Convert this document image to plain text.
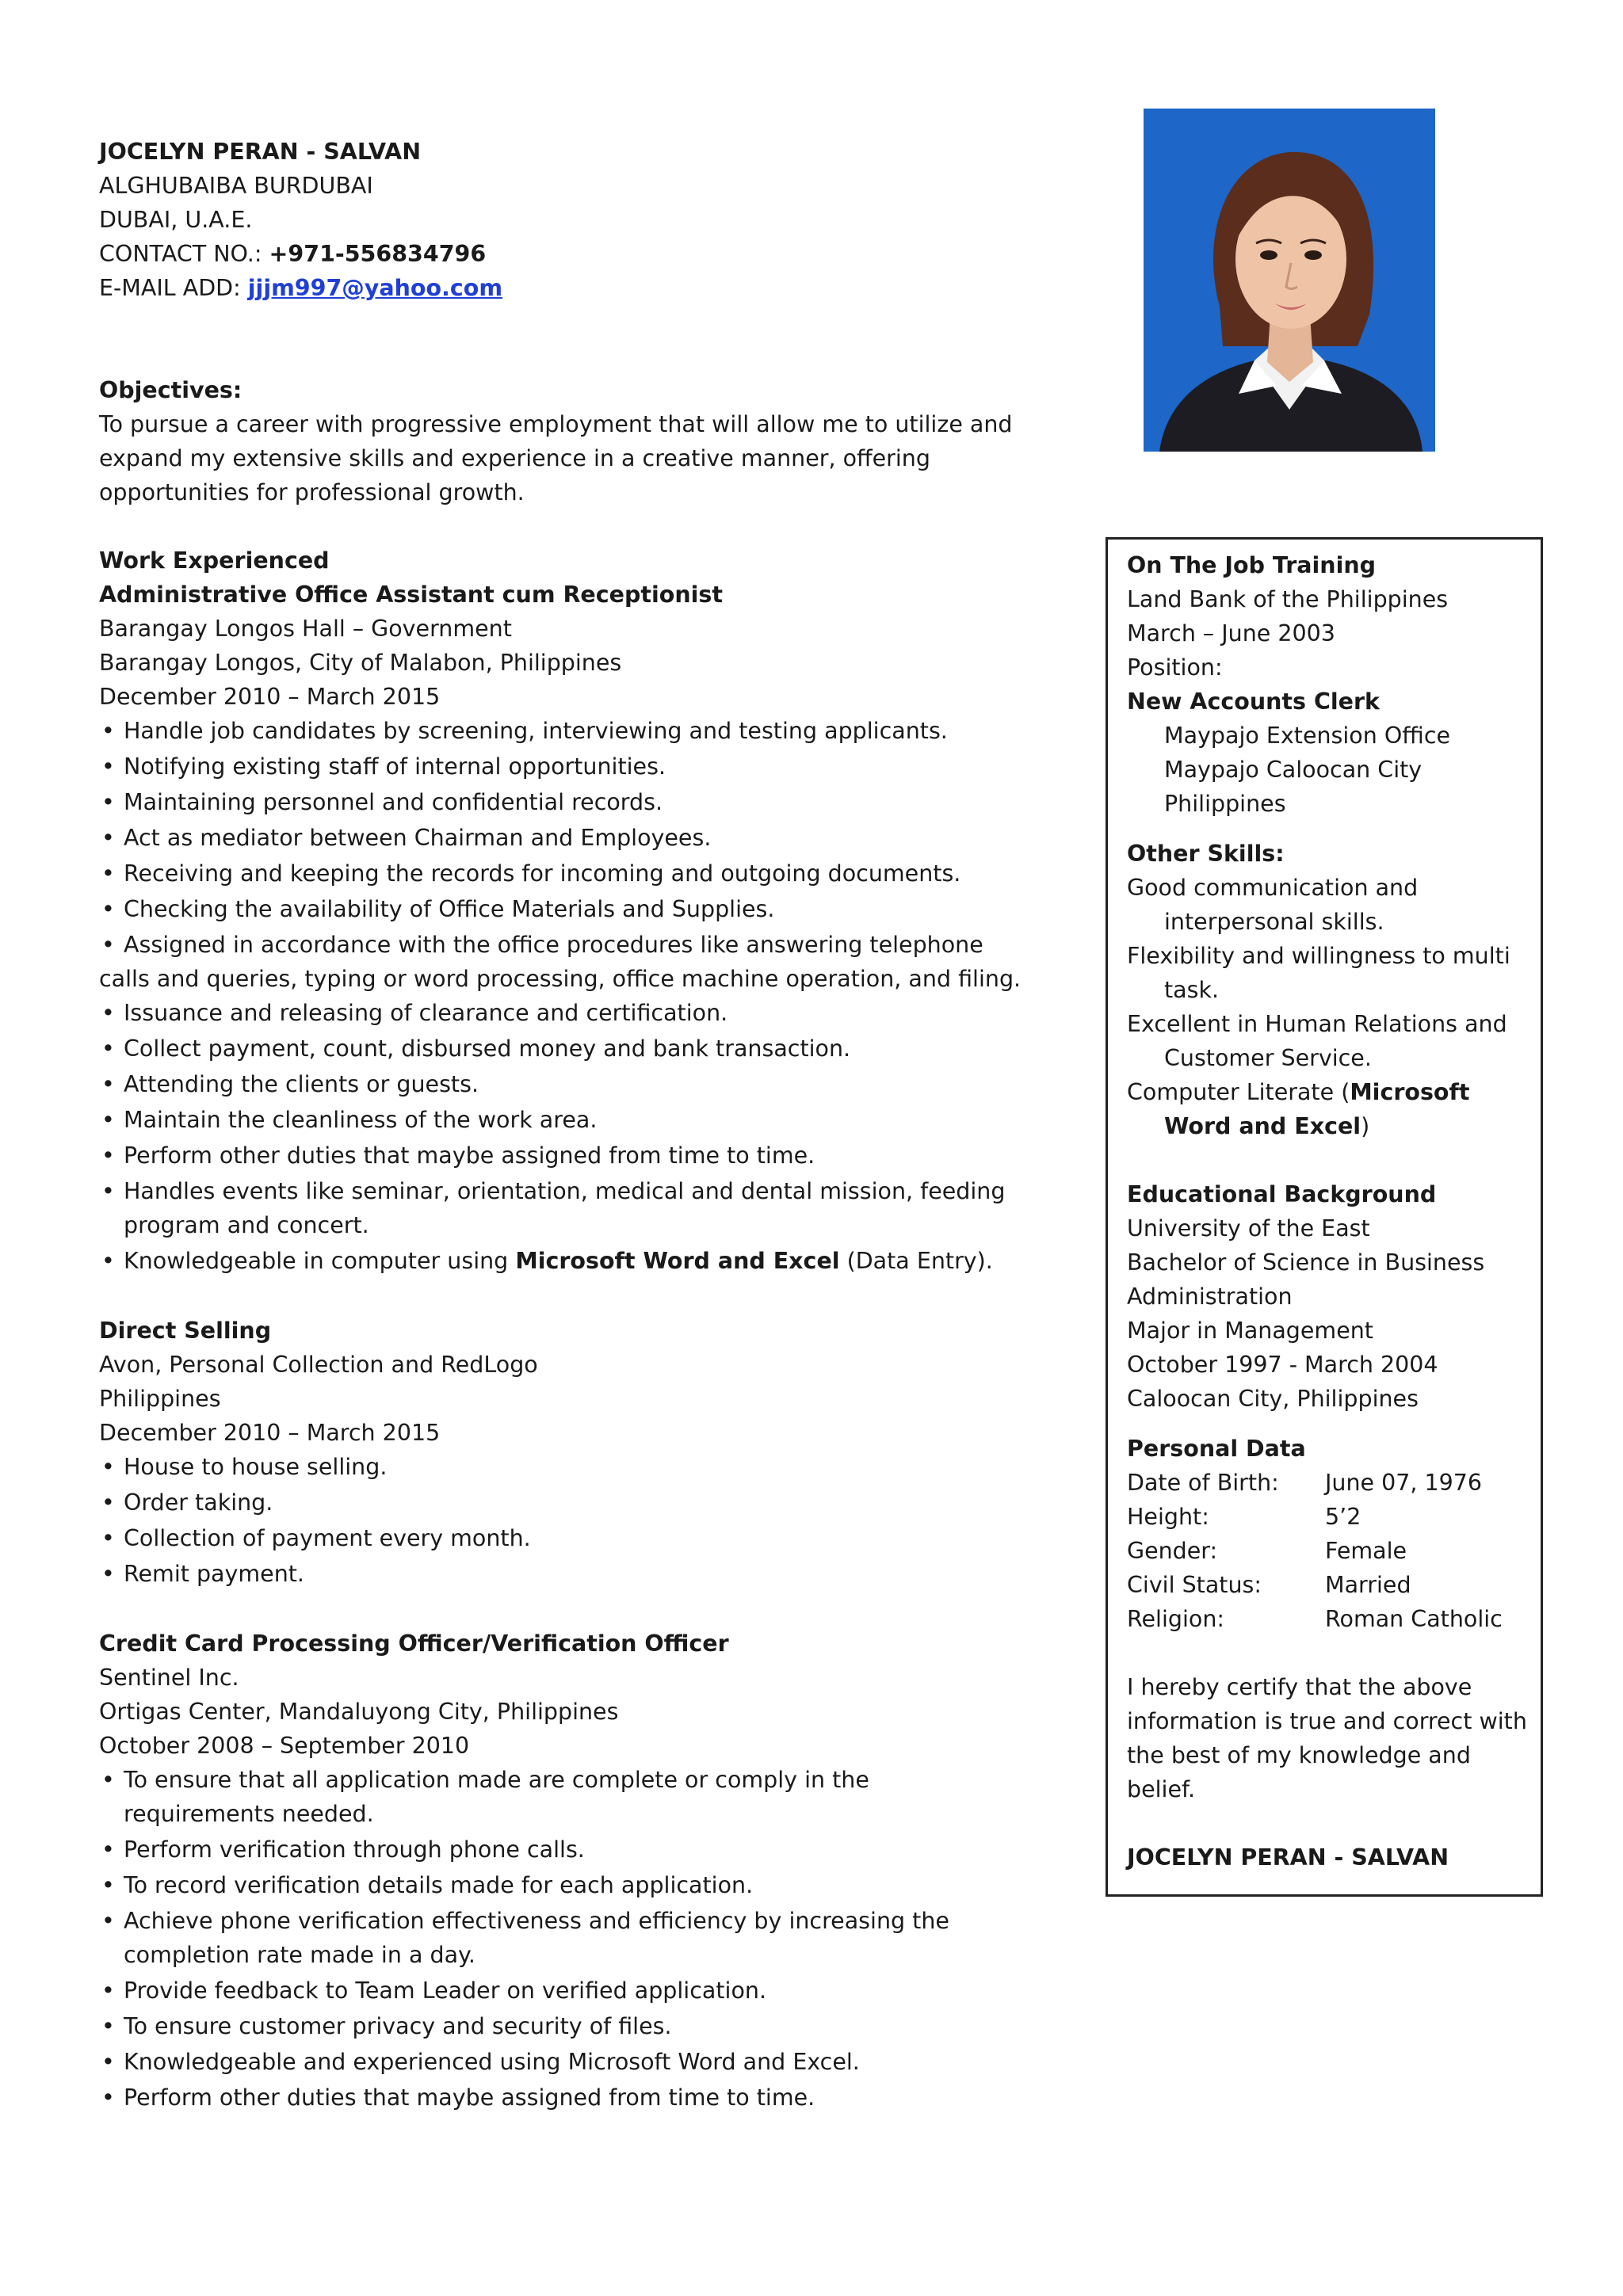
JOCELYN PERAN - SALVAN

ALGHUBAIBA BURDUBAI

DUBAI, U.A.E.

CONTACT NO.: +971-556834796

E-MAIL ADD: jjjm997@yahoo.com

Objectives:

To pursue a career with progressive employment that will allow me to utilize and

expand my extensive skills and experience in a creative manner, offering

opportunities for professional growth.

Work Experienced

Administrative Office Assistant cum Receptionist

Barangay Longos Hall – Government

Barangay Longos, City of Malabon, Philippines

December 2010 – March 2015

• Handle job candidates by screening, interviewing and testing applicants.
• Notifying existing staff of internal opportunities.
• Maintaining personnel and confidential records.
• Act as mediator between Chairman and Employees.
• Receiving and keeping the records for incoming and outgoing documents.
• Checking the availability of Office Materials and Supplies.
• Assigned in accordance with the office procedures like answering telephone

calls and queries, typing or word processing, office machine operation, and filing.

• Issuance and releasing of clearance and certification.
• Collect payment, count, disbursed money and bank transaction.
• Attending the clients or guests.
• Maintain the cleanliness of the work area.
• Perform other duties that maybe assigned from time to time.
• Handles events like seminar, orientation, medical and dental mission, feeding program and concert.
• Knowledgeable in computer using Microsoft Word and Excel (Data Entry).

Direct Selling

Avon, Personal Collection and RedLogo

Philippines

December 2010 – March 2015

• House to house selling.
• Order taking.
• Collection of payment every month.
• Remit payment.

Credit Card Processing Officer/Verification Officer

Sentinel Inc.

Ortigas Center, Mandaluyong City, Philippines

October 2008 – September 2010

• To ensure that all application made are complete or comply in the requirements needed.
• Perform verification through phone calls.
• To record verification details made for each application.
• Achieve phone verification effectiveness and efficiency by increasing the completion rate made in a day.
• Provide feedback to Team Leader on verified application.
• To ensure customer privacy and security of files.
• Knowledgeable and experienced using Microsoft Word and Excel.
• Perform other duties that maybe assigned from time to time.

On The Job Training

Land Bank of the Philippines

March – June 2003

Position:

New Accounts Clerk

Maypajo Extension Office

Maypajo Caloocan City

Philippines

Other Skills:

Good communication and interpersonal skills.

Flexibility and willingness to multi task.

Excellent in Human Relations and Customer Service.

Computer Literate (Microsoft Word and Excel)

Educational Background

University of the East

Bachelor of Science in Business Administration

Major in Management

October 1997 - March 2004

Caloocan City, Philippines

Personal Data

Date of Birth:	June 07, 1976
Height:	5’2
Gender:	Female
Civil Status:	Married
Religion:	Roman Catholic

I hereby certify that the above information is true and correct with the best of my knowledge and belief.

JOCELYN PERAN - SALVAN
